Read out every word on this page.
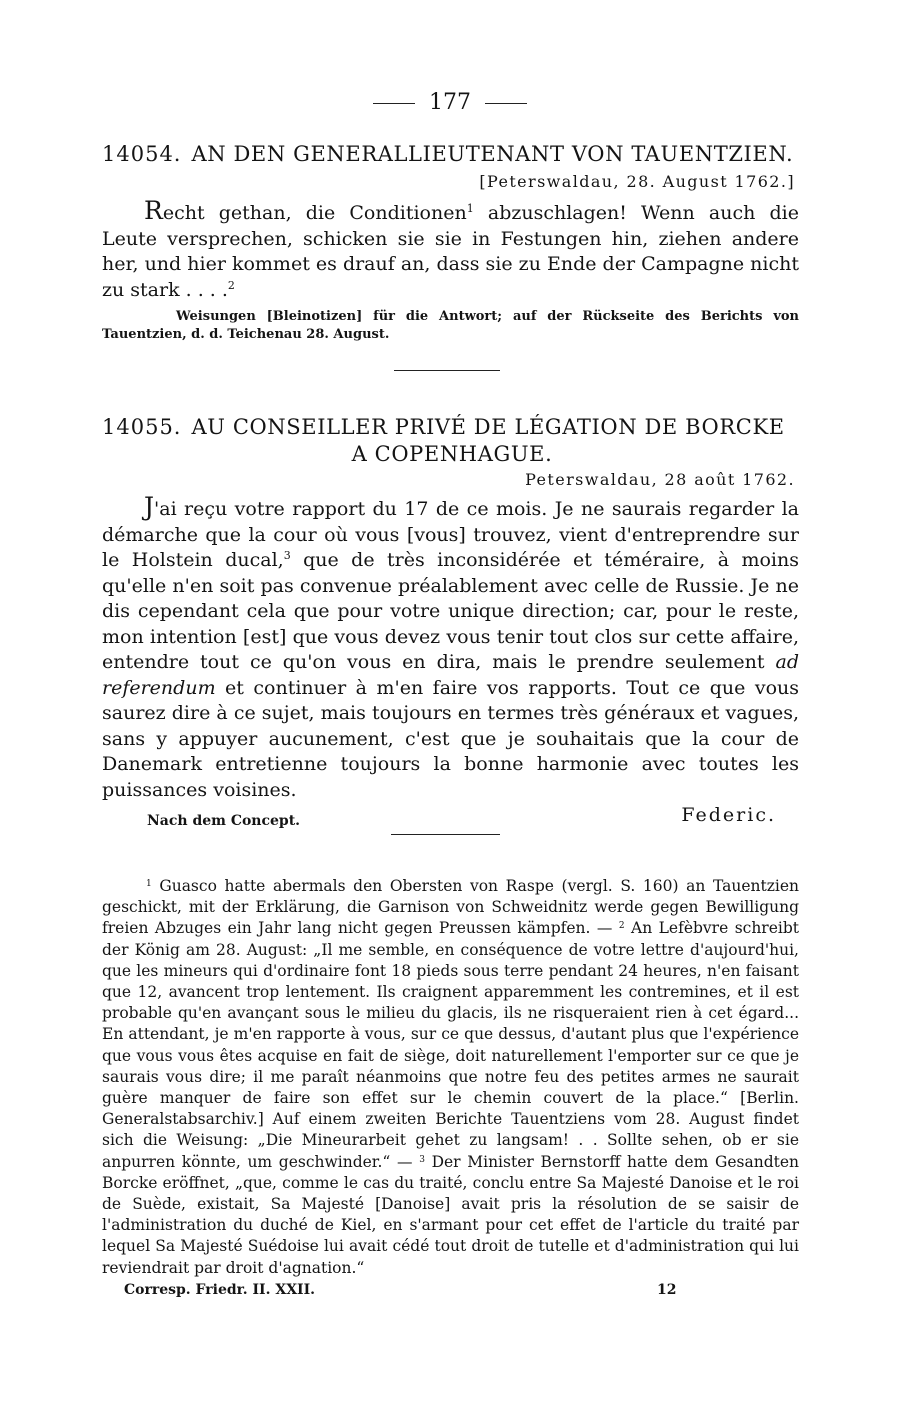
177
14054. AN DEN GENERALLIEUTENANT VON TAUENTZIEN.
[Peterswaldau, 28. August 1762.]

Recht gethan, die Conditionen$^1$ abzuschlagen! Wenn auch die Leute versprechen, schicken sie sie in Festungen hin, ziehen andere her, und hier kommet es drauf an, dass sie zu Ende der Campagne nicht zu stark . . . .$^2$

Weisungen [Bleinotizen] für die Antwort; auf der Rückseite des Berichts von Tauentzien, d. d. Teichenau 28. August.

14055. AU CONSEILLER PRIVÉ DE LÉGATION DE BORCKE
A COPENHAGUE.
Peterswaldau, 28 août 1762.

J'ai reçu votre rapport du 17 de ce mois. Je ne saurais regarder la démarche que la cour où vous [vous] trouvez, vient d'entreprendre sur le Holstein ducal,$^3$ que de très inconsidérée et téméraire, à moins qu'elle n'en soit pas convenue préalablement avec celle de Russie. Je ne dis cependant cela que pour votre unique direction; car, pour le reste, mon intention [est] que vous devez vous tenir tout clos sur cette affaire, entendre tout ce qu'on vous en dira, mais le prendre seulement ad referendum et continuer à m'en faire vos rapports. Tout ce que vous saurez dire à ce sujet, mais toujours en termes très généraux et vagues, sans y appuyer aucunement, c'est que je souhaitais que la cour de Danemark entretienne toujours la bonne harmonie avec toutes les puissances voisines.

Nach dem Concept.	Federic.

$^1$ Guasco hatte abermals den Obersten von Raspe (vergl. S. 160) an Tauentzien geschickt, mit der Erklärung, die Garnison von Schweidnitz werde gegen Bewilligung freien Abzuges ein Jahr lang nicht gegen Preussen kämpfen. — $^2$ An Lefèbvre schreibt der König am 28. August: „Il me semble, en conséquence de votre lettre d'aujourd'hui, que les mineurs qui d'ordinaire font 18 pieds sous terre pendant 24 heures, n'en faisant que 12, avancent trop lentement. Ils craignent apparemment les contremines, et il est probable qu'en avançant sous le milieu du glacis, ils ne risqueraient rien à cet égard... En attendant, je m'en rapporte à vous, sur ce que dessus, d'autant plus que l'expérience que vous vous êtes acquise en fait de siège, doit naturellement l'emporter sur ce que je saurais vous dire; il me paraît néanmoins que notre feu des petites armes ne saurait guère manquer de faire son effet sur le chemin couvert de la place.“ [Berlin. Generalstabsarchiv.] Auf einem zweiten Berichte Tauentziens vom 28. August findet sich die Weisung: „Die Mineurarbeit gehet zu langsam! . . Sollte sehen, ob er sie anpurren könnte, um geschwinder.“ — $^3$ Der Minister Bernstorff hatte dem Gesandten Borcke eröffnet, „que, comme le cas du traité, conclu entre Sa Majesté Danoise et le roi de Suède, existait, Sa Majesté [Danoise] avait pris la résolution de se saisir de l'administration du duché de Kiel, en s'armant pour cet effet de l'article du traité par lequel Sa Majesté Suédoise lui avait cédé tout droit de tutelle et d'administration qui lui reviendrait par droit d'agnation.“

Corresp. Friedr. II. XXII.	12
